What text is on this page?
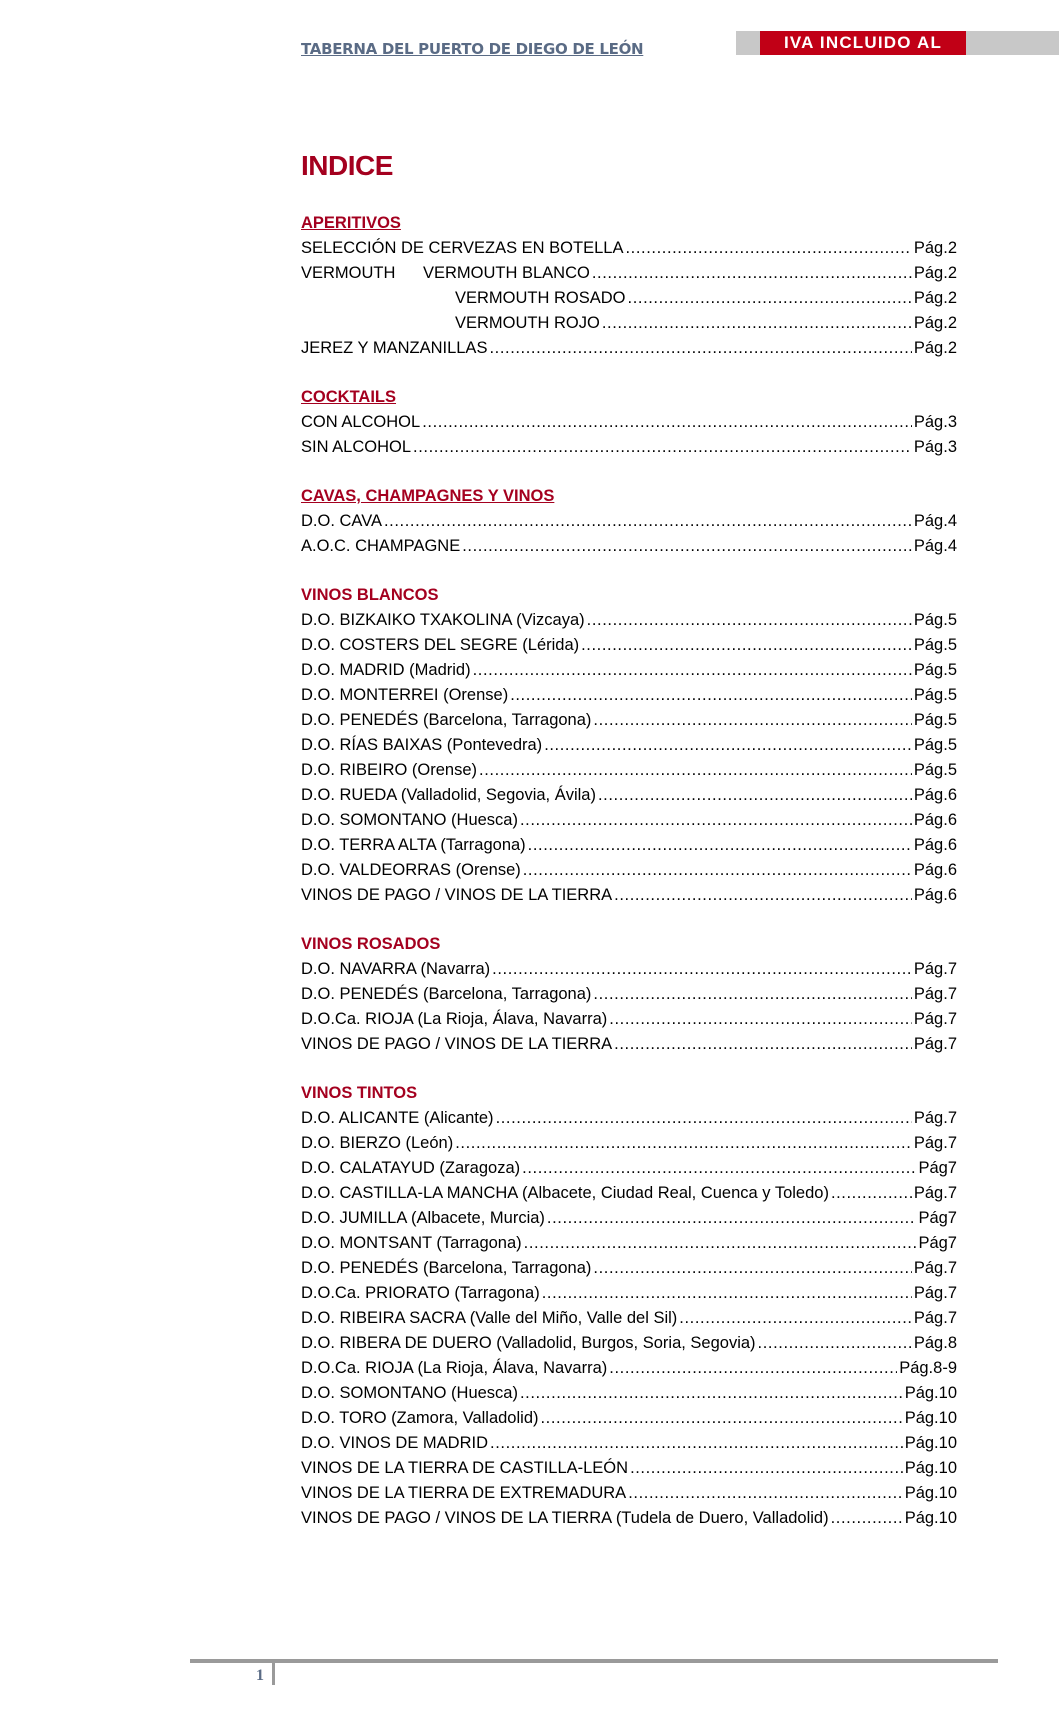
TABERNA DEL PUERTO DE DIEGO DE LEÓN	IVA INCLUIDO AL
INDICE
APERITIVOS
SELECCIÓN DE CERVEZAS EN BOTELLA .....	Pág.2
VERMOUTH VERMOUTH BLANCO .....	Pág.2
VERMOUTH ROSADO .....	Pág.2
VERMOUTH ROJO .....	Pág.2
JEREZ Y MANZANILLAS .....	Pág.2
COCKTAILS
CON ALCOHOL .....	Pág.3
SIN ALCOHOL .....	Pág.3
CAVAS, CHAMPAGNES Y VINOS
D.O. CAVA .....	Pág.4
A.O.C. CHAMPAGNE .....	Pág.4
VINOS BLANCOS
D.O. BIZKAIKO TXAKOLINA (Vizcaya) .....	Pág.5
D.O. COSTERS DEL SEGRE (Lérida) .....	Pág.5
D.O. MADRID (Madrid) .....	Pág.5
D.O. MONTERREI (Orense) .....	Pág.5
D.O. PENEDÉS (Barcelona, Tarragona) .....	Pág.5
D.O. RÍAS BAIXAS (Pontevedra) .....	Pág.5
D.O. RIBEIRO (Orense) .....	Pág.5
D.O. RUEDA (Valladolid, Segovia, Ávila) .....	Pág.6
D.O. SOMONTANO (Huesca) .....	Pág.6
D.O. TERRA ALTA (Tarragona) .....	Pág.6
D.O. VALDEORRAS (Orense) .....	Pág.6
VINOS DE PAGO / VINOS DE LA TIERRA .....	Pág.6
VINOS ROSADOS
D.O. NAVARRA (Navarra) .....	Pág.7
D.O. PENEDÉS (Barcelona, Tarragona) .....	Pág.7
D.O.Ca. RIOJA (La Rioja, Álava, Navarra) .....	Pág.7
VINOS DE PAGO / VINOS DE LA TIERRA .....	Pág.7
VINOS TINTOS
D.O. ALICANTE (Alicante) .....	Pág.7
D.O. BIERZO (León) .....	Pág.7
D.O. CALATAYUD (Zaragoza) .....	Pág7
D.O. CASTILLA-LA MANCHA (Albacete, Ciudad Real, Cuenca y Toledo) .....	Pág.7
D.O. JUMILLA (Albacete, Murcia) .....	Pág7
D.O. MONTSANT (Tarragona) .....	Pág7
D.O. PENEDÉS (Barcelona, Tarragona) .....	Pág.7
D.O.Ca. PRIORATO (Tarragona) .....	Pág.7
D.O. RIBEIRA SACRA (Valle del Miño, Valle del Sil) .....	Pág.7
D.O. RIBERA DE DUERO (Valladolid, Burgos, Soria, Segovia) .....	Pág.8
D.O.Ca. RIOJA (La Rioja, Álava, Navarra) .....	Pág.8-9
D.O. SOMONTANO (Huesca) .....	Pág.10
D.O. TORO (Zamora, Valladolid) .....	Pág.10
D.O. VINOS DE MADRID .....	Pág.10
VINOS DE LA TIERRA DE CASTILLA-LEÓN .....	Pág.10
VINOS DE LA TIERRA DE EXTREMADURA .....	Pág.10
VINOS DE PAGO / VINOS DE LA TIERRA (Tudela de Duero, Valladolid) .....	Pág.10
1
